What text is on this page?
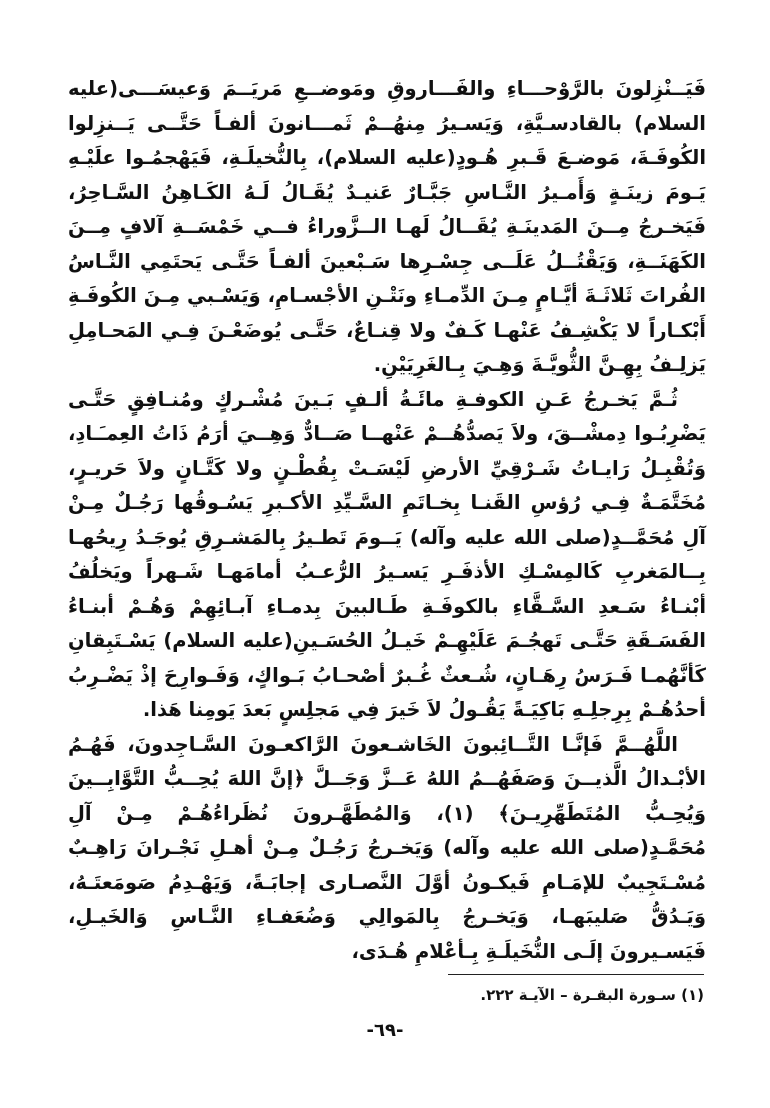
فَيَــنْزِلونَ بالرَّوْحـــاءِ والفَـــاروقِ ومَوضــعِ مَريَــمَ وَعيسَـــى(عليه السلام) بالقادسـيَّةِ، وَيَسـيرُ مِنهُــمْ ثَمـــانونَ ألفـاً حَتَّــى يَــنزِلوا الكُوفَـةَ، مَوضـعَ قَـبرِ هُـودٍ(عليه السلام)، بِالنُّخيلَـةِ، فَيَهْجمُـوا علَيْـهِ يَـومَ زينَـةٍ وَأَمـيرُ النَّـاسِ جَبَّـارٌ عَنيـدٌ يُقَـالُ لَـهُ الكَـاهِنُ السَّـاحِرُ، فَيَخـرجُ مِــنَ المَدينَـةِ يُقَــالُ لَهـا الــزَّوراءُ فــي خَمْسَــةِ آلافٍ مِــنَ الكَهَنَــةِ، وَيَقْتُــلُ عَلَــى جِسْـرِها سَـبْعينَ ألفـاً حَتَّـى يَحتَمِي النَّـاسُ الفُراتَ ثَلاثَـةَ أيَّـامٍ مِـنَ الدِّمـاءِ ونَتْـنِ الأجْسـامِ، وَيَسْـبي مِـنَ الكُوفَـةِ أَبْكـاراً لا يَكْشِـفُ عَنْهـا كَـفٌ ولا قِنـاعٌ، حَتَّـى يُوضَعْـنَ فِـي المَحـامِلِ يَزلِـفُ بِهِـنَّ الثُّويَّـةَ وَهِـيَ بِـالغَرِيَيْنِ.

ثُـمَّ يَخـرجُ عَـنِ الكوفـةِ مائَـةُ ألـفٍ بَـينَ مُشْـركٍ ومُنـافِقٍ حَتَّـى يَضْرِبُـوا دِمشْــقَ، ولاَ يَصدُّهُــمْ عَنْهــا صَــادٌّ وَهِــيَ أرَمُ ذَاتُ العِمـَـادِ، وَتُقْبِـلُ رَايـاتُ شَـرْقِيِّ الأرضِ لَيْسَـتْ بِقُطْـنٍ ولا كَتَّـانٍ ولاَ حَريـرٍ، مُخَتَّمَـةٌ فِـي رُؤسِ القَنـا بِخـاتَمِ السَّـيِّدِ الأكـبرِ يَسُـوقُها رَجُـلٌ مِـنْ آلِ مُحَمَّــدٍ(صلى الله عليه وآله) يَــومَ تَطـيرُ بِالمَشـرِقِ يُوجَـدُ رِيحُهـا بِــالمَغربِ كَالمِسْـكِ الأذفَـرِ يَسـيرُ الرُّعـبُ أمامَهـا شَـهراً ويَخلُفُ أبْنـاءُ سَـعدِ السَّـقَّاءِ بالكوفَـةِ طَـالبينَ بِدمـاءِ آبـائِهِمْ وَهُـمْ أبنـاءُ الفَسَـقَةِ حَتَّـى تَهجُـمَ عَلَيْهِـمْ خَيـلُ الحُسَـينِ(عليه السلام) يَسْـتَبِقانِ كَأنَّهُمـا فَـرَسُ رِهَـانٍ، شُـعثٌ غُـبرٌ أصْحـابُ بَـواكٍ، وَفَـوارِحَ إذْ يَضْـرِبُ أحدُهُـمْ بِرِجلِـهِ بَاكِيَـةً يَقُـولُ لاَ خَيرَ فِي مَجلِسٍ بَعدَ يَومِنا هَذا.

اللَّهُــمَّ فَإنَّـا التَّــائِبونَ الخَاشـعونَ الرَّاكعـونَ السَّـاجِدونَ، فَهُـمُ الأبْـدالُ الَّذيــنَ وَصَفَهُــمُ اللهُ عَــزَّ وَجَــلَّ ﴿إنَّ اللهَ يُحِــبُّ التَّوَّابِــينَ وَيُحِـبُّ المُتَطَهِّرِيـنَ﴾ (١)، وَالمُطَهَّـرونَ نُظَراءُهُـمْ مِـنْ آلِ مُحَمَّـدٍ(صلى الله عليه وآله) وَيَخـرجُ رَجُـلٌ مِـنْ أهـلِ نَجْـرانَ رَاهِـبٌ مُسْـتَجِيبٌ للإمَـامِ فَيكـونُ أوَّلَ النَّصـارى إجابَـةً، وَيَهْـدِمُ صَومَعتَـهُ، وَيَـدُقُّ صَليبَهـا، وَيَخـرجُ بِالمَوالِي وَضُعَفـاءِ النَّـاسِ وَالخَيـلِ، فَيَسـيرونَ إلَـى النُّخَيلَـةِ بِـأعْلامِ هُـدَى،

(١) سـورة البقـرة – الآيـة ٢٢٢.
-٦٩-
